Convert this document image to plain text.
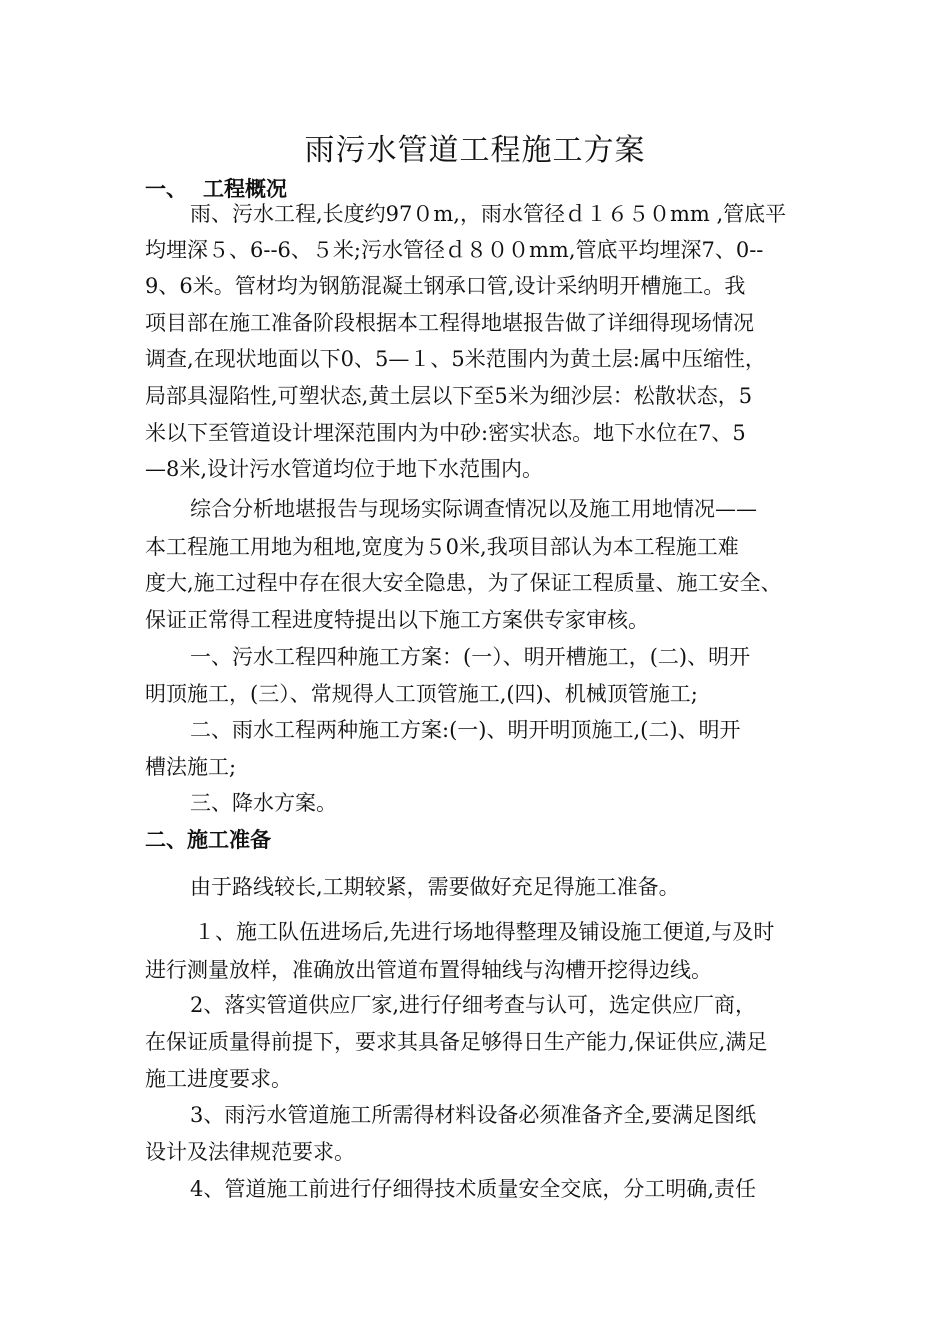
雨污水管道工程施工方案
一、 工程概况

雨、污水工程,长度约97０m,，雨水管径ｄ１６５０mm ,管底平

均埋深５、6--6、５米;污水管径ｄ８００mm,管底平均埋深7、0--

9、6米。管材均为钢筋混凝土钢承口管,设计采纳明开槽施工。我

项目部在施工准备阶段根据本工程得地堪报告做了详细得现场情况

调查,在现状地面以下0、5—１、5米范围内为黄土层:属中压缩性，

局部具湿陷性,可塑状态,黄土层以下至5米为细沙层：松散状态，5

米以下至管道设计埋深范围内为中砂:密实状态。地下水位在7、5

—8米,设计污水管道均位于地下水范围内。

综合分析地堪报告与现场实际调查情况以及施工用地情况——

本工程施工用地为租地,宽度为５0米,我项目部认为本工程施工难

度大,施工过程中存在很大安全隐患，为了保证工程质量、施工安全、

保证正常得工程进度特提出以下施工方案供专家审核。

一、污水工程四种施工方案：(一）、明开槽施工，(二)、明开

明顶施工，(三）、常规得人工顶管施工,(四)、机械顶管施工;

二、雨水工程两种施工方案:(一)、明开明顶施工,(二)、明开

槽法施工;

三、降水方案。

二、施工准备

由于路线较长,工期较紧，需要做好充足得施工准备。

１、施工队伍进场后,先进行场地得整理及铺设施工便道,与及时

进行测量放样，准确放出管道布置得轴线与沟槽开挖得边线。

2、落实管道供应厂家,进行仔细考查与认可，选定供应厂商，

在保证质量得前提下，要求其具备足够得日生产能力,保证供应,满足

施工进度要求。

3、雨污水管道施工所需得材料设备必须准备齐全,要满足图纸

设计及法律规范要求。

4、管道施工前进行仔细得技术质量安全交底，分工明确,责任
